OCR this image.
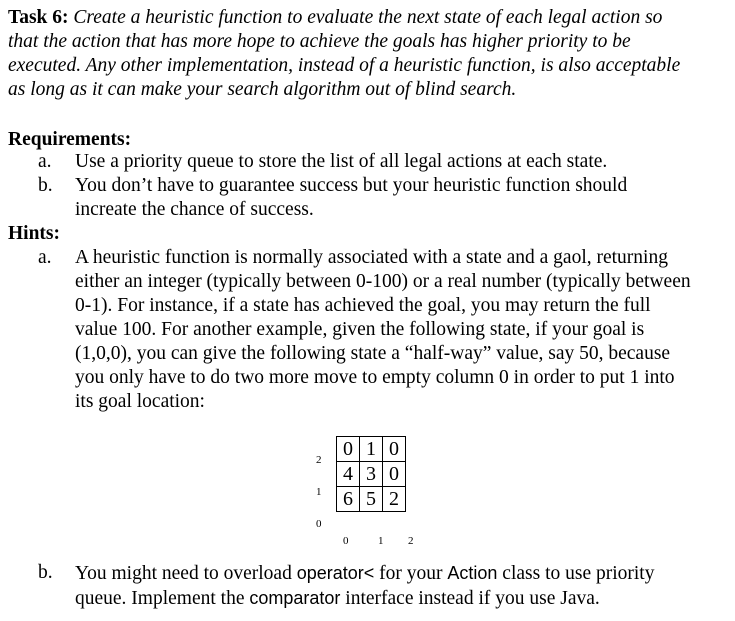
Task 6: Create a heuristic function to evaluate the next state of each legal action so
that the action that has more hope to achieve the goals has higher priority to be
executed. Any other implementation, instead of a heuristic function, is also acceptable
as long as it can make your search algorithm out of blind search.
Requirements:
a. Use a priority queue to store the list of all legal actions at each state.
b. You don’t have to guarantee success but your heuristic function should
increate the chance of success.
Hints:
a. A heuristic function is normally associated with a state and a gaol, returning
either an integer (typically between 0-100) or a real number (typically between
0-1). For instance, if a state has achieved the goal, you may return the full
value 100. For another example, given the following state, if your goal is
(1,0,0), you can give the following state a “half-way” value, say 50, because
you only have to do two more move to empty column 0 in order to put 1 into
its goal location:
2
1
0
0	1	0
4	3	0
6	5	2
0	1 2
b. You might need to overload operator< for your Action class to use priority
queue. Implement the comparator interface instead if you use Java.
